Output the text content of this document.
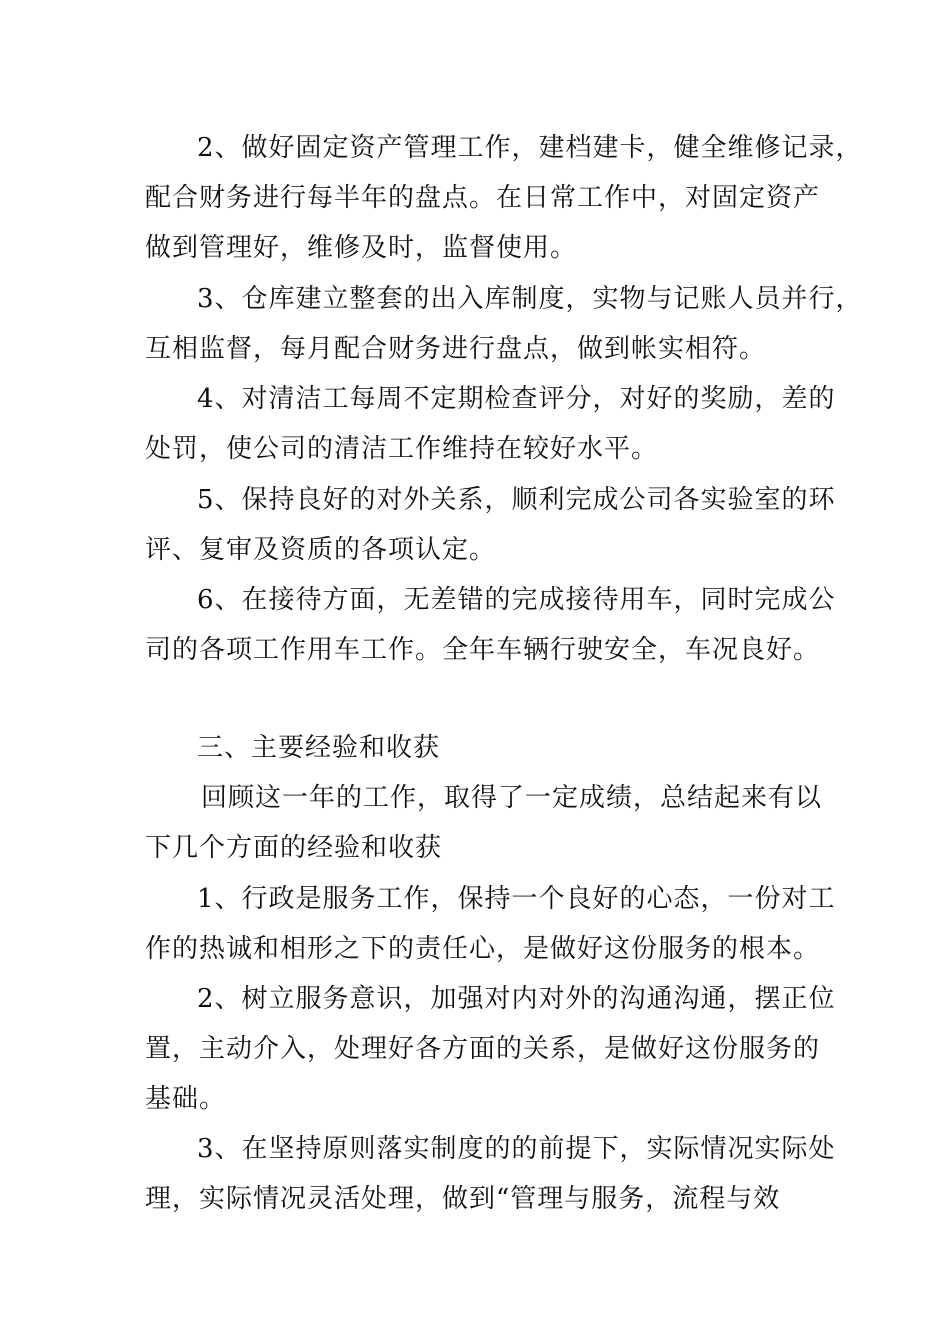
2、做好固定资产管理工作，建档建卡，健全维修记录，
配合财务进行每半年的盘点。在日常工作中，对固定资产
做到管理好，维修及时，监督使用。
3、仓库建立整套的出入库制度，实物与记账人员并行，
互相监督，每月配合财务进行盘点，做到帐实相符。
4、对清洁工每周不定期检查评分，对好的奖励，差的
处罚，使公司的清洁工作维持在较好水平。
5、保持良好的对外关系，顺利完成公司各实验室的环
评、复审及资质的各项认定。
6、在接待方面，无差错的完成接待用车，同时完成公
司的各项工作用车工作。全年车辆行驶安全，车况良好。
三、主要经验和收获
回顾这一年的工作，取得了一定成绩，总结起来有以
下几个方面的经验和收获
1、行政是服务工作，保持一个良好的心态，一份对工
作的热诚和相形之下的责任心，是做好这份服务的根本。
2、树立服务意识，加强对内对外的沟通沟通，摆正位
置，主动介入，处理好各方面的关系，是做好这份服务的
基础。
3、在坚持原则落实制度的的前提下，实际情况实际处
理，实际情况灵活处理，做到“管理与服务，流程与效
